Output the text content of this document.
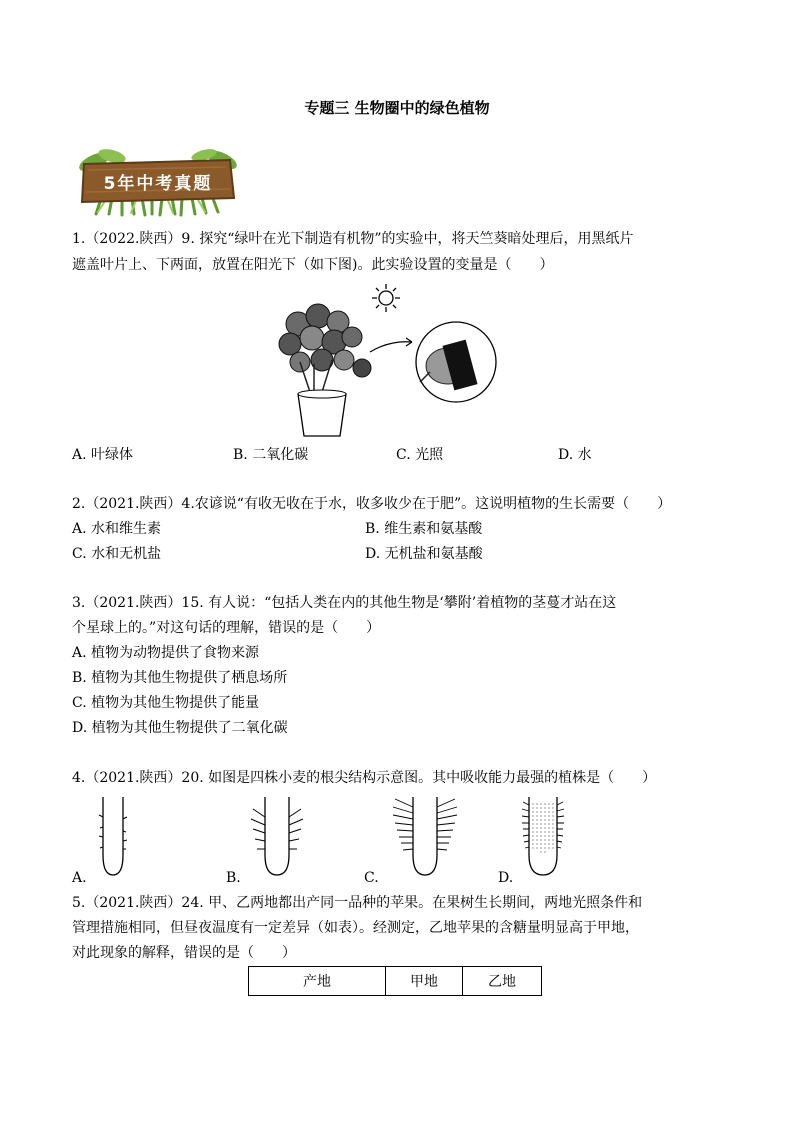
专题三 生物圈中的绿色植物
5年中考真题
1.（2022.陕西）9. 探究“绿叶在光下制造有机物”的实验中，将天竺葵暗处理后，用黑纸片
遮盖叶片上、下两面，放置在阳光下（如下图)。此实验设置的变量是（　　）
A. 叶绿体	B. 二氧化碳	C. 光照	D. 水
2.（2021.陕西）4.农谚说“有收无收在于水，收多收少在于肥”。这说明植物的生长需要（　　）
A. 水和维生素	B. 维生素和氨基酸
C. 水和无机盐	D. 无机盐和氨基酸
3.（2021.陕西）15. 有人说：“包括人类在内的其他生物是‘攀附’着植物的茎蔓才站在这
个星球上的。”对这句话的理解，错误的是（　　）
A. 植物为动物提供了食物来源
B. 植物为其他生物提供了栖息场所
C. 植物为其他生物提供了能量
D. 植物为其他生物提供了二氧化碳
4.（2021.陕西）20. 如图是四株小麦的根尖结构示意图。其中吸收能力最强的植株是（　　）
A.	B.	C.	D.
5.（2021.陕西）24. 甲、乙两地都出产同一品种的苹果。在果树生长期间，两地光照条件和
管理措施相同，但昼夜温度有一定差异（如表）。经测定，乙地苹果的含糖量明显高于甲地，
对此现象的解释，错误的是（　　）
产地	甲地	乙地
